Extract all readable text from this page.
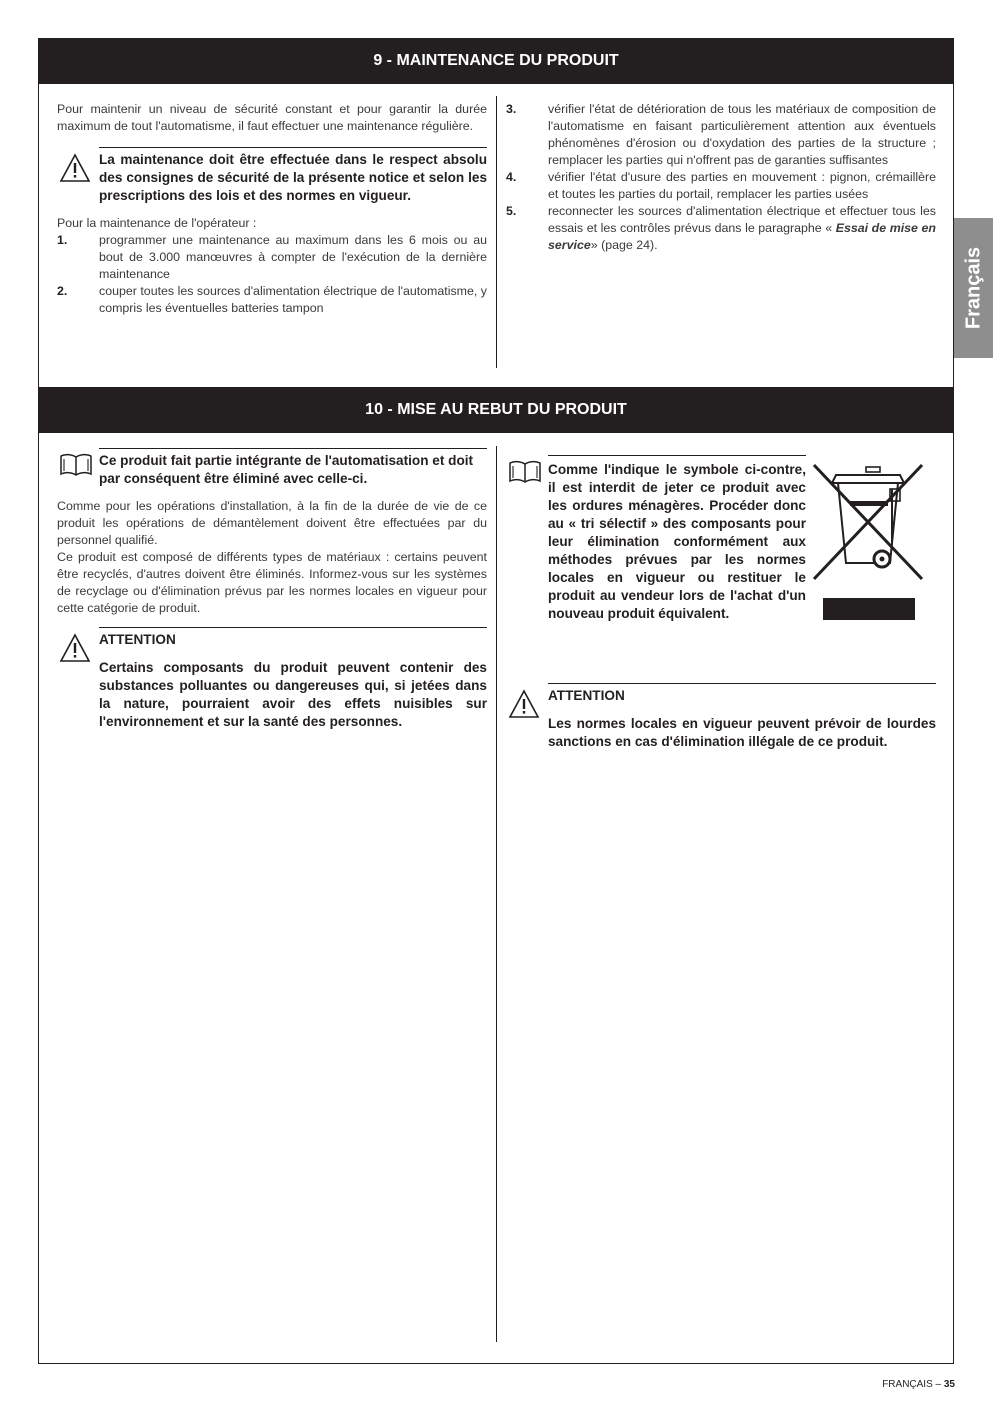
Français
9 - MAINTENANCE DU PRODUIT

Pour maintenir un niveau de sécurité constant et pour garantir la durée maximum de tout l'automatisme, il faut effectuer une maintenance régulière.

La maintenance doit être effectuée dans le respect absolu des consignes de sécurité de la présente notice et selon les prescriptions des lois et des normes en vigueur.

Pour la maintenance de l'opérateur :

1.	programmer une maintenance au maximum dans les 6 mois ou au bout de 3.000 manœuvres à compter de l'exécution de la dernière maintenance
2.	couper toutes les sources d'alimentation électrique de l'automatisme, y compris les éventuelles batteries tampon
3.	vérifier l'état de détérioration de tous les matériaux de composition de l'automatisme en faisant particulièrement attention aux éventuels phénomènes d'érosion ou d'oxydation des parties de la structure ; remplacer les parties qui n'offrent pas de garanties suffisantes
4.	vérifier l'état d'usure des parties en mouvement : pignon, crémaillère et toutes les parties du portail, remplacer les parties usées
5.	reconnecter les sources d'alimentation électrique et effectuer tous les essais et les contrôles prévus dans le paragraphe « Essai de mise en service» (page 24).
10 - MISE AU REBUT DU PRODUIT
Ce produit fait partie intégrante de l'automatisation et doit par conséquent être éliminé avec celle-ci.

Comme pour les opérations d'installation, à la fin de la durée de vie de ce produit les opérations de démantèlement doivent être effectuées par du personnel qualifié.

Ce produit est composé de différents types de matériaux : certains peuvent être recyclés, d'autres doivent être éliminés. Informez-vous sur les systèmes de recyclage ou d'élimination prévus par les normes locales en vigueur pour cette catégorie de produit.

ATTENTION
Certains composants du produit peuvent contenir des substances polluantes ou dangereuses qui, si jetées dans la nature, pourraient avoir des effets nuisibles sur l'environnement et sur la santé des personnes.
Comme l'indique le symbole ci-contre, il est interdit de jeter ce produit avec les ordures ménagères. Procéder donc au « tri sélectif » des composants pour leur élimination conformément aux méthodes prévues par les normes locales en vigueur ou restituer le produit au vendeur lors de l'achat d'un nouveau produit équivalent.
ATTENTION
Les normes locales en vigueur peuvent prévoir de lourdes sanctions en cas d'élimination illégale de ce produit.
FRANÇAIS – 35
